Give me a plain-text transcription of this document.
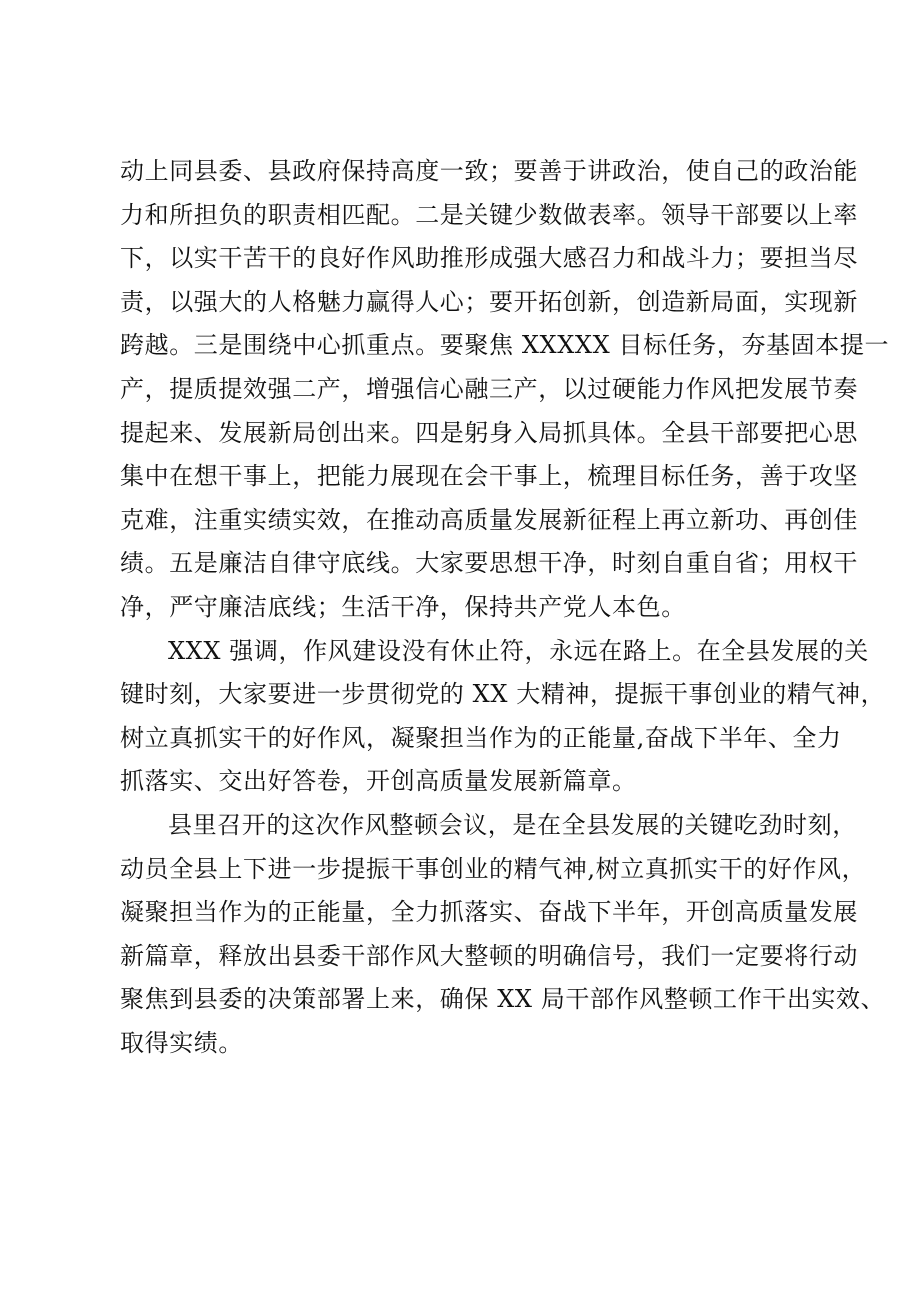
动上同县委、县政府保持高度一致；要善于讲政治，使自己的政治能
力和所担负的职责相匹配。二是关键少数做表率。领导干部要以上率
下，以实干苦干的良好作风助推形成强大感召力和战斗力；要担当尽
责，以强大的人格魅力赢得人心；要开拓创新，创造新局面，实现新
跨越。三是围绕中心抓重点。要聚焦 XXXXX 目标任务，夯基固本提一
产，提质提效强二产，增强信心融三产，以过硬能力作风把发展节奏
提起来、发展新局创出来。四是躬身入局抓具体。全县干部要把心思
集中在想干事上，把能力展现在会干事上，梳理目标任务，善于攻坚
克难，注重实绩实效，在推动高质量发展新征程上再立新功、再创佳
绩。五是廉洁自律守底线。大家要思想干净，时刻自重自省；用权干
净，严守廉洁底线；生活干净，保持共产党人本色。
XXX 强调，作风建设没有休止符，永远在路上。在全县发展的关
键时刻，大家要进一步贯彻党的 XX 大精神，提振干事创业的精气神，
树立真抓实干的好作风，凝聚担当作为的正能量,奋战下半年、全力
抓落实、交出好答卷，开创高质量发展新篇章。
县里召开的这次作风整顿会议，是在全县发展的关键吃劲时刻，
动员全县上下进一步提振干事创业的精气神,树立真抓实干的好作风，
凝聚担当作为的正能量，全力抓落实、奋战下半年，开创高质量发展
新篇章，释放出县委干部作风大整顿的明确信号，我们一定要将行动
聚焦到县委的决策部署上来，确保 XX 局干部作风整顿工作干出实效、
取得实绩。
